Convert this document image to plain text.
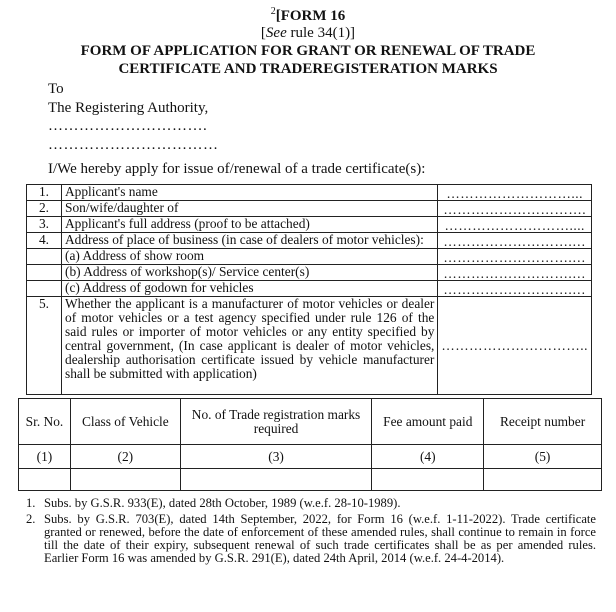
$^2$[FORM 16
[See rule 34(1)]
FORM OF APPLICATION FOR GRANT OR RENEWAL OF TRADE
CERTIFICATE AND TRADEREGISTERATION MARKS
To
The Registering Authority,
………………………….
……………………………
I/We hereby apply for issue of/renewal of a trade certificate(s):
1.	Applicant's name	………………………...
2.	Son/wife/daughter of	………………………….
3.	Applicant's full address (proof to be attached)	………………………....
4.	Address of place of business (in case of dealers of motor vehicles):	……………………….…
	(a) Address of show room	……………………….…
	(b) Address of workshop(s)/ Service center(s)	……………………….…
	(c) Address of godown for vehicles	……………………….…
5.	Whether the applicant is a manufacturer of motor vehicles or dealer of motor vehicles or a test agency specified under rule 126 of the said rules or importer of motor vehicles or any entity specified by central government, (In case applicant is dealer of motor vehicles, dealership authorisation certificate issued by vehicle manufacturer shall be submitted with application)	…………………………..
Sr. No.	Class of Vehicle	No. of Trade registration marks required	Fee amount paid	Receipt number
(1)	(2)	(3)	(4)	(5)

1. Subs. by G.S.R. 933(E), dated 28th October, 1989 (w.e.f. 28-10-1989).
2. Subs. by G.S.R. 703(E), dated 14th September, 2022, for Form 16 (w.e.f. 1-11-2022). Trade certificate granted or renewed, before the date of enforcement of these amended rules, shall continue to remain in force till the date of their expiry, subsequent renewal of such trade certificates shall be as per amended rules. Earlier Form 16 was amended by G.S.R. 291(E), dated 24th April, 2014 (w.e.f. 24-4-2014).
